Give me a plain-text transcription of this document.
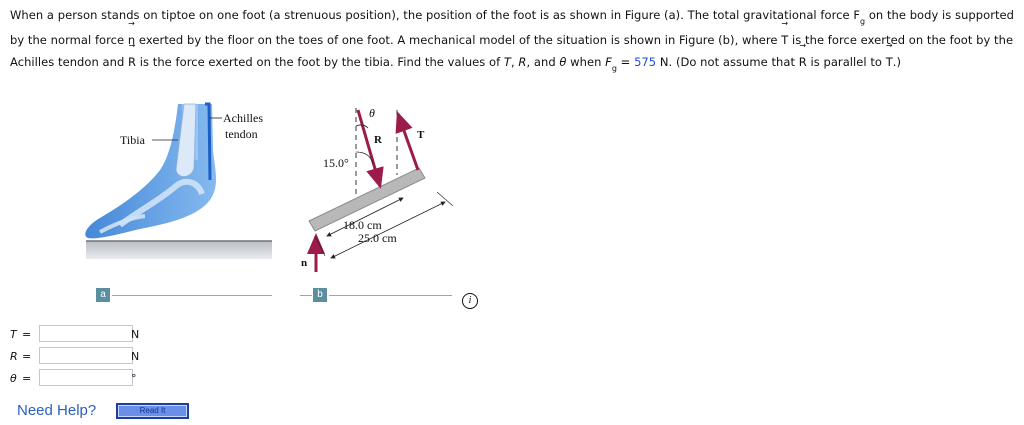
When a person stands on tiptoe on one foot (a strenuous position), the position of the foot is as shown in Figure (a). The total gravitational force → $F_g$ on the body is supported by the normal force → n exerted by the floor on the toes of one foot. A mechanical model of the situation is shown in Figure (b), where → T is the force exerted on the foot by the Achilles tendon and → R is the force exerted on the foot by the tibia. Find the values of T, R, and θ when $F_g = 575$ N. (Do not assume that → R is parallel to → T.)
Tibia
Achilles
tendon
a
θ
R	T
15.0°
18.0 cm
25.0 cm
n
b
i
T =	N
R =	N
θ =	°
Need Help?	Read It
